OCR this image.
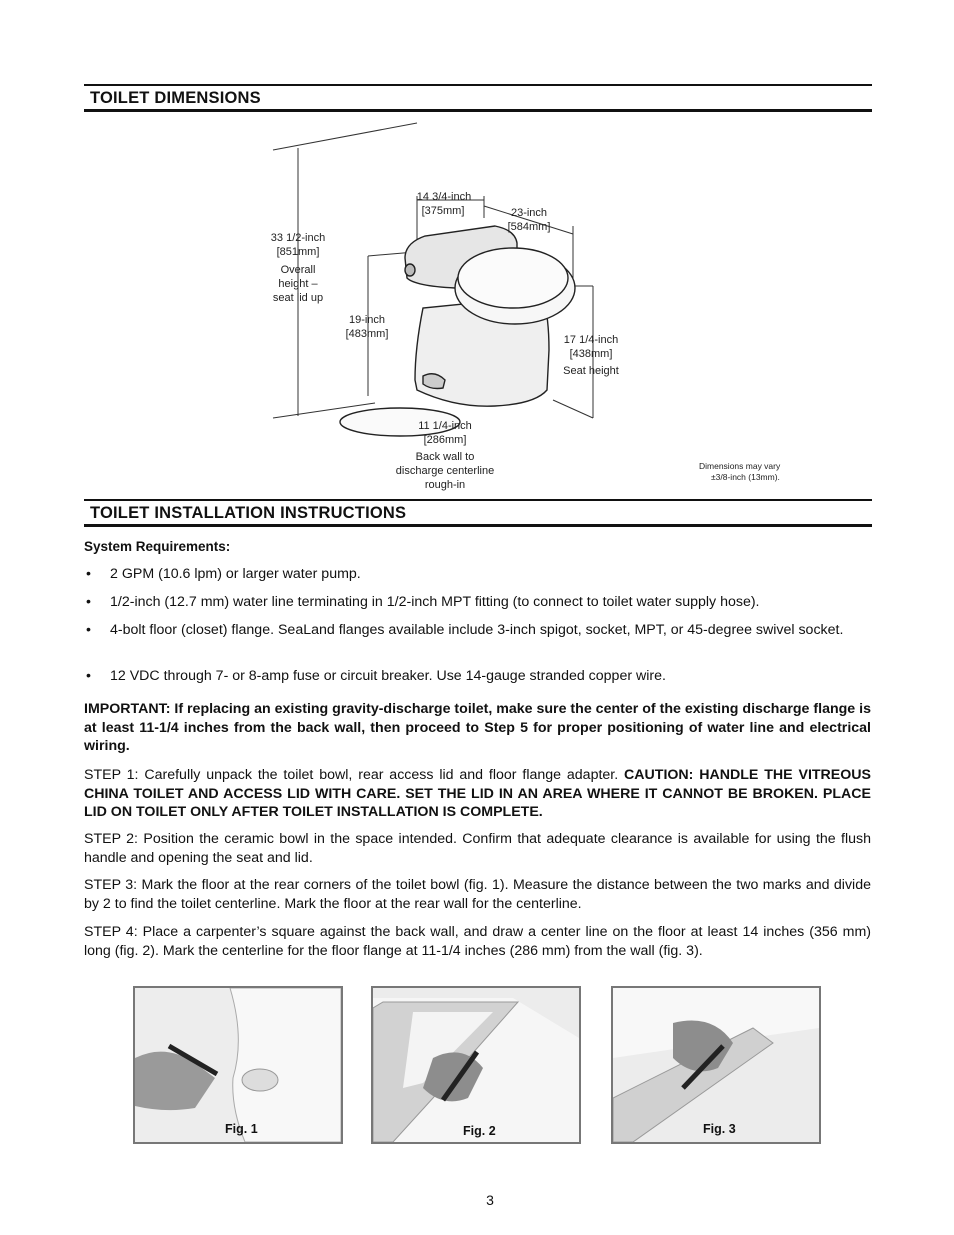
TOILET DIMENSIONS
33 1/2-inch
[851mm]
Overall
height –
seat lid up
14 3/4-inch
[375mm]	23-inch
[584mm]
19-inch
[483mm]	17 1/4-inch
[438mm]
Seat height
11 1/4-inch
[286mm]
Back wall to
discharge centerline
rough-in
Dimensions may vary
±3/8-inch (13mm).
TOILET INSTALLATION INSTRUCTIONS
System Requirements:
• 2 GPM (10.6 lpm) or larger water pump.
• 1/2-inch (12.7 mm) water line terminating in 1/2-inch MPT fitting (to connect to toilet water supply hose).
• 4-bolt floor (closet) flange. SeaLand flanges available include 3-inch spigot, socket, MPT, or 45-degree swivel socket.
• 12 VDC through 7- or 8-amp fuse or circuit breaker. Use 14-gauge stranded copper wire.
IMPORTANT: If replacing an existing gravity-discharge toilet, make sure the center of the existing discharge flange is at least 11-1/4 inches from the back wall, then proceed to Step 5 for proper positioning of water line and electrical wiring.
STEP 1: Carefully unpack the toilet bowl, rear access lid and floor flange adapter. CAUTION: HANDLE THE VITREOUS CHINA TOILET AND ACCESS LID WITH CARE. SET THE LID IN AN AREA WHERE IT CANNOT BE BROKEN. PLACE LID ON TOILET ONLY AFTER TOILET INSTALLATION IS COMPLETE.
STEP 2: Position the ceramic bowl in the space intended. Confirm that adequate clearance is available for using the flush handle and opening the seat and lid.
STEP 3: Mark the floor at the rear corners of the toilet bowl (fig. 1). Measure the distance between the two marks and divide by 2 to find the toilet centerline. Mark the floor at the rear wall for the centerline.
STEP 4: Place a carpenter’s square against the back wall, and draw a center line on the floor at least 14 inches (356 mm) long (fig. 2). Mark the centerline for the floor flange at 11-1/4 inches (286 mm) from the wall (fig. 3).
Fig. 1	Fig. 2	Fig. 3
3
